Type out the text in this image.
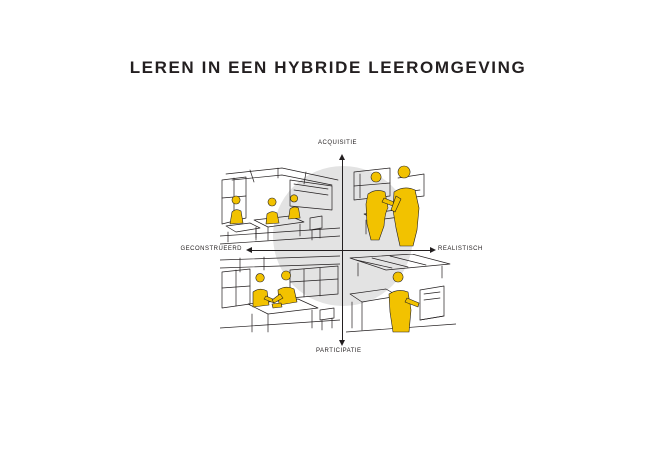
LEREN IN EEN HYBRIDE LEEROMGEVING
ACQUISITIE
PARTICIPATIE
GECONSTRUEERD	REALISTISCH
